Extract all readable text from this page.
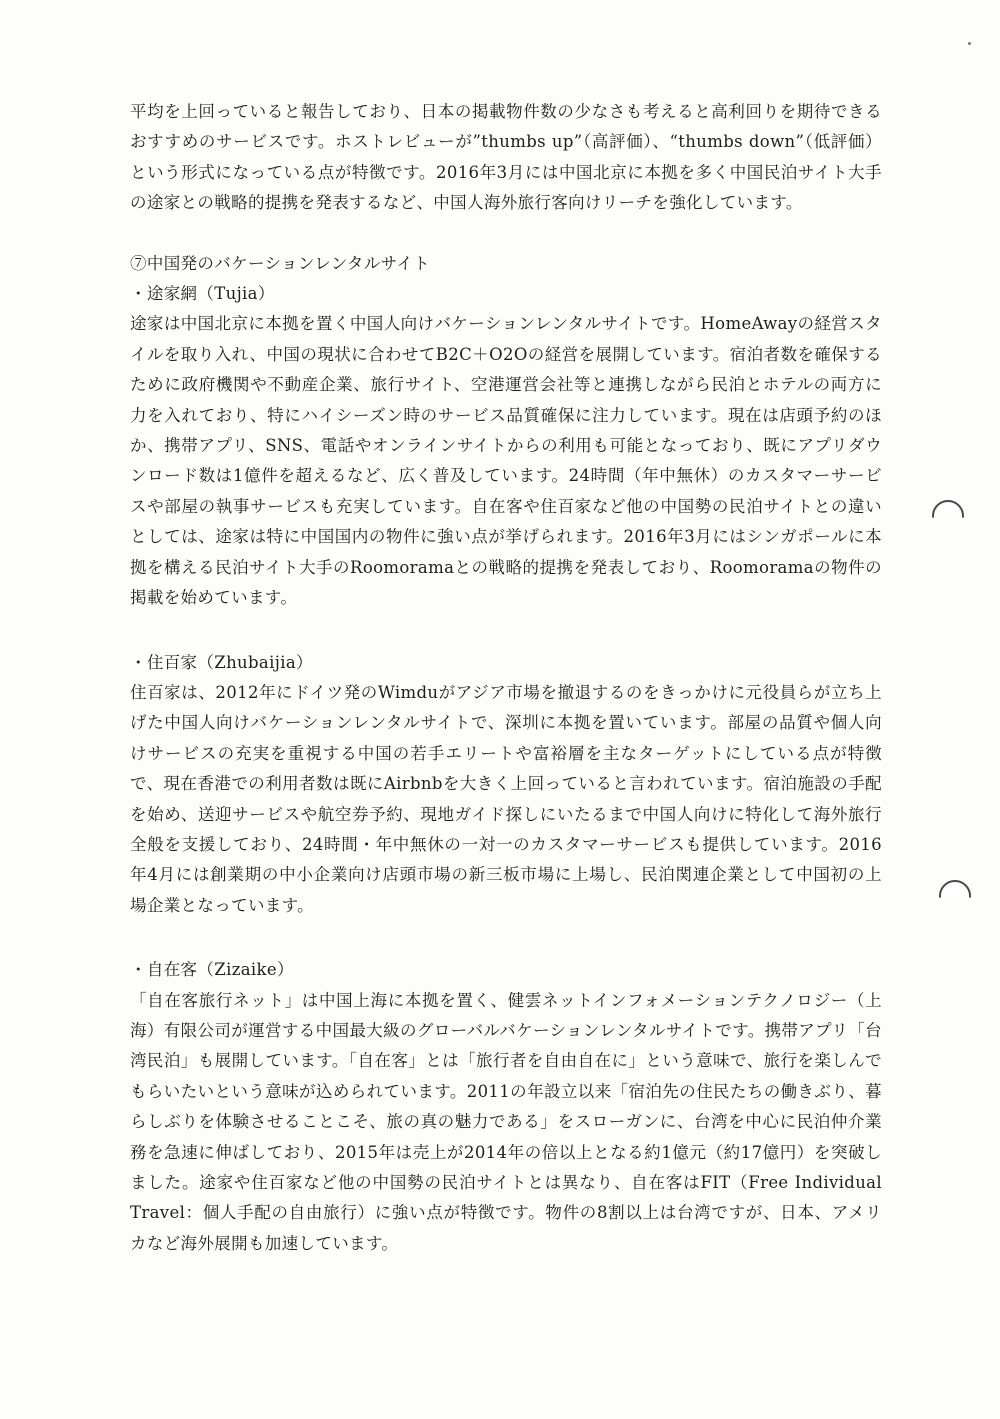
平均を上回っていると報告しており、日本の掲載物件数の少なさも考えると高利回りを期待できるおすすめのサービスです。ホストレビューが”thumbs up”（高評価）、“thumbs down”（低評価）という形式になっている点が特徴です。2016年3月には中国北京に本拠を多く中国民泊サイト大手の途家との戦略的提携を発表するなど、中国人海外旅行客向けリーチを強化しています。

⑦中国発のバケーションレンタルサイト

・途家網（Tujia）

途家は中国北京に本拠を置く中国人向けバケーションレンタルサイトです。HomeAwayの経営スタイルを取り入れ、中国の現状に合わせてB2C＋O2Oの経営を展開しています。宿泊者数を確保するために政府機関や不動産企業、旅行サイト、空港運営会社等と連携しながら民泊とホテルの両方に力を入れており、特にハイシーズン時のサービス品質確保に注力しています。現在は店頭予約のほか、携帯アプリ、SNS、電話やオンラインサイトからの利用も可能となっており、既にアプリダウンロード数は1億件を超えるなど、広く普及しています。24時間（年中無休）のカスタマーサービスや部屋の執事サービスも充実しています。自在客や住百家など他の中国勢の民泊サイトとの違いとしては、途家は特に中国国内の物件に強い点が挙げられます。2016年3月にはシンガポールに本拠を構える民泊サイト大手のRoomoramaとの戦略的提携を発表しており、Roomoramaの物件の掲載を始めています。

・住百家（Zhubaijia）

住百家は、2012年にドイツ発のWimduがアジア市場を撤退するのをきっかけに元役員らが立ち上げた中国人向けバケーションレンタルサイトで、深圳に本拠を置いています。部屋の品質や個人向けサービスの充実を重視する中国の若手エリートや富裕層を主なターゲットにしている点が特徴で、現在香港での利用者数は既にAirbnbを大きく上回っていると言われています。宿泊施設の手配を始め、送迎サービスや航空券予約、現地ガイド探しにいたるまで中国人向けに特化して海外旅行全般を支援しており、24時間・年中無休の一対一のカスタマーサービスも提供しています。2016年4月には創業期の中小企業向け店頭市場の新三板市場に上場し、民泊関連企業として中国初の上場企業となっています。

・自在客（Zizaike）

「自在客旅行ネット」は中国上海に本拠を置く、健雲ネットインフォメーションテクノロジー（上海）有限公司が運営する中国最大級のグローバルバケーションレンタルサイトです。携帯アプリ「台湾民泊」も展開しています。「自在客」とは「旅行者を自由自在に」という意味で、旅行を楽しんでもらいたいという意味が込められています。2011の年設立以来「宿泊先の住民たちの働きぶり、暮らしぶりを体験させることこそ、旅の真の魅力である」をスローガンに、台湾を中心に民泊仲介業務を急速に伸ばしており、2015年は売上が2014年の倍以上となる約1億元（約17億円）を突破しました。途家や住百家など他の中国勢の民泊サイトとは異なり、自在客はFIT（Free Individual Travel：個人手配の自由旅行）に強い点が特徴です。物件の8割以上は台湾ですが、日本、アメリカなど海外展開も加速しています。
